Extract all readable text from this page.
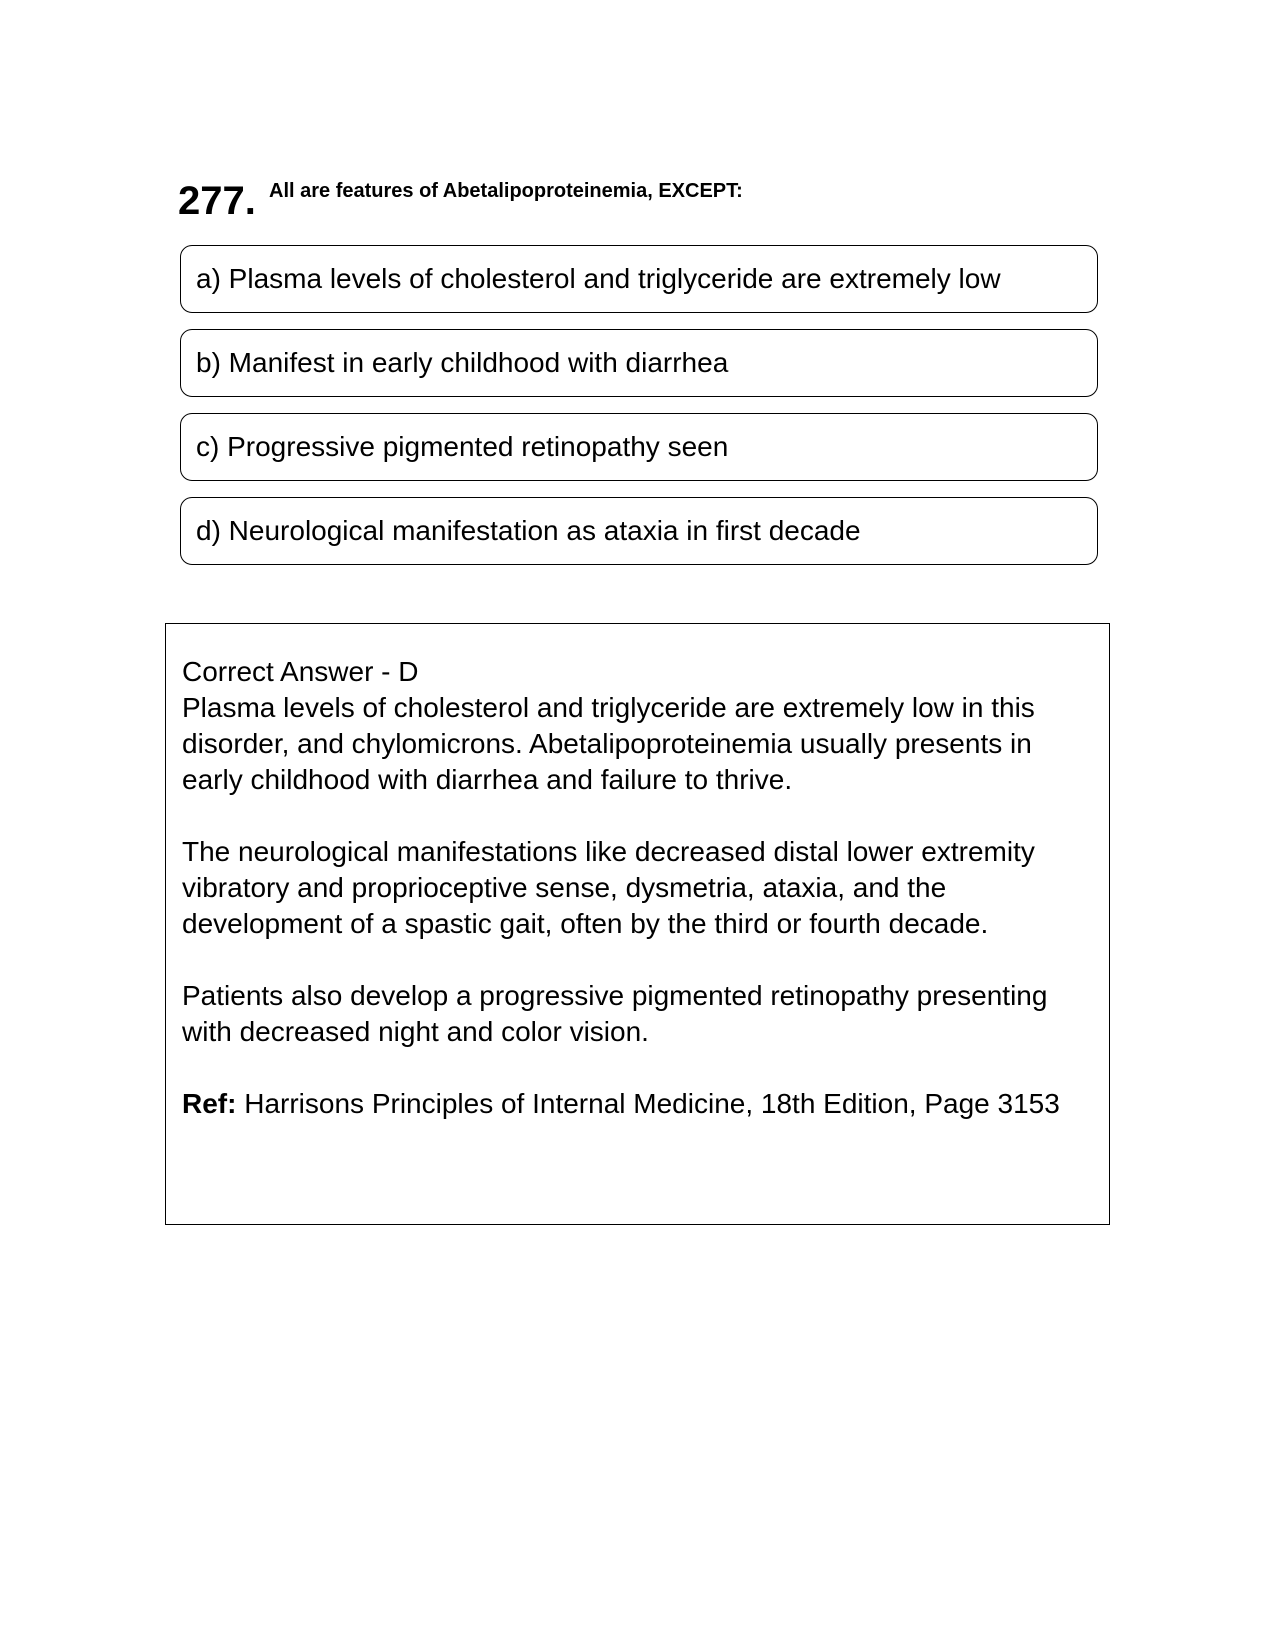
277. All are features of Abetalipoproteinemia, EXCEPT:
a) Plasma levels of cholesterol and triglyceride are extremely low
b) Manifest in early childhood with diarrhea
c) Progressive pigmented retinopathy seen
d) Neurological manifestation as ataxia in first decade

Correct Answer - D

Plasma levels of cholesterol and triglyceride are extremely low in this disorder, and chylomicrons. Abetalipoproteinemia usually presents in early childhood with diarrhea and failure to thrive.

The neurological manifestations like decreased distal lower extremity vibratory and proprioceptive sense, dysmetria, ataxia, and the development of a spastic gait, often by the third or fourth decade.

Patients also develop a progressive pigmented retinopathy presenting with decreased night and color vision.

Ref: Harrisons Principles of Internal Medicine, 18th Edition, Page 3153
